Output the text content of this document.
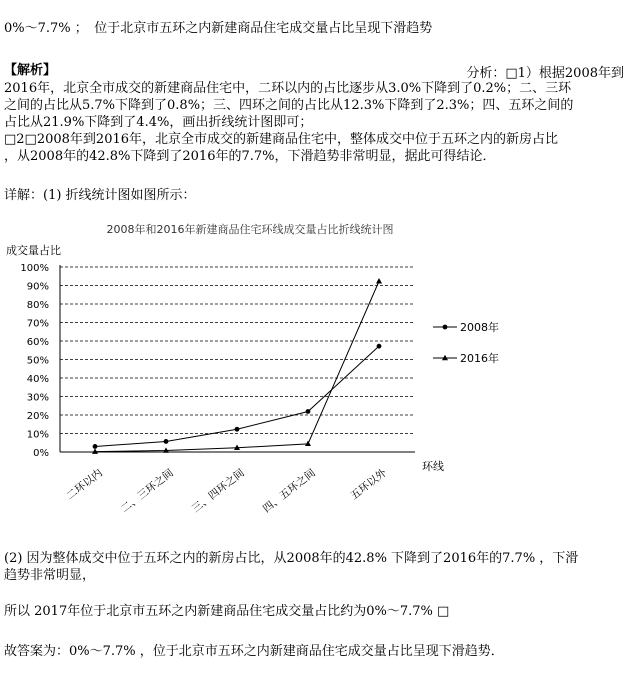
0%～7.7% ；　位于北京市五环之内新建商品住宅成交量占比呈现下滑趋势
【解析】	分析：□1）根据2008年到
2016年，北京全市成交的新建商品住宅中，二环以内的占比逐步从3.0%下降到了0.2%；二、三环
之间的占比从5.7%下降到了0.8%；三、四环之间的占比从12.3%下降到了2.3%；四、五环之间的
占比从21.9%下降到了4.4%，画出折线统计图即可；
□2□2008年到2016年，北京全市成交的新建商品住宅中，整体成交中位于五环之内的新房占比
，从2008年的42.8%下降到了2016年的7.7%，下滑趋势非常明显，据此可得结论．
详解：(1) 折线统计图如图所示：
2008年和2016年新建商品住宅环线成交量占比折线统计图
成交量占比
0%
10%
20%
30%
40%
50%
60%
70%
80%
90%
100%
二环以内 二、三环之间 三、四环之间 四、五环之间	五环以外
环线
2008年
2016年
(2) 因为整体成交中位于五环之内的新房占比，从2008年的42.8% 下降到了2016年的7.7% ，下滑
趋势非常明显，
所以 2017年位于北京市五环之内新建商品住宅成交量占比约为0%～7.7% □
故答案为：0%～7.7% ，位于北京市五环之内新建商品住宅成交量占比呈现下滑趋势．
